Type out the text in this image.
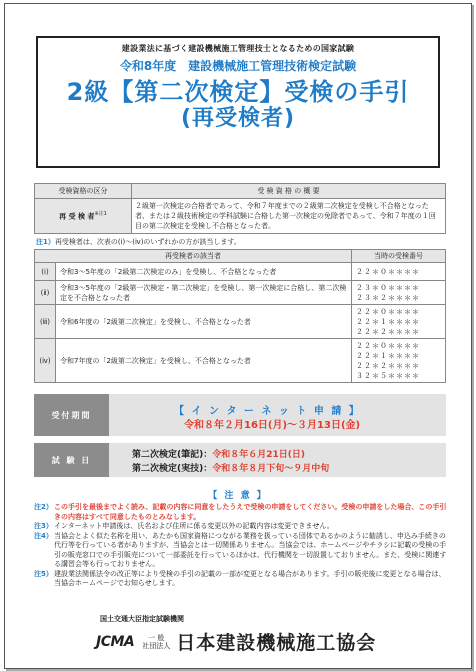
建設業法に基づく建設機械施工管理技士となるための国家試験
令和8年度 建設機械施工管理技術検定試験
2級【第二次検定】受検の手引
(再受検者)
受検資格の区分	受 検 資 格 の 概 要
再 受 検 者$^{※注1}$	２級第一次検定の合格者であって、令和７年度までの２級第二次検定を受検し不合格となった者、または２級技術検定の学科試験に合格した第一次検定の免除者であって、令和７年度の１回目の第二次検定を受検し不合格となった者。
注1）再受検者は、次表の(ⅰ)〜(ⅳ)のいずれかの方が該当します。
再受検者の該当者		当時の受検番号
(ⅰ)	令和3〜5年度の「2級第二次検定のみ」を受検し、不合格となった者	２２＊０＊＊＊＊
(ⅱ)	令和3〜5年度の「2級第一次検定・第二次検定」を受検し、第一次検定に合格し、第二次検定を不合格となった者	２３＊０＊＊＊＊
２３＊２＊＊＊＊
(ⅲ)	令和6年度の「2級第二次検定」を受検し、不合格となった者	２２＊０＊＊＊＊
２２＊１＊＊＊＊
２２＊２＊＊＊＊
(ⅳ)	令和7年度の「2級第二次検定」を受検し、不合格となった者	２２＊０＊＊＊＊
２２＊１＊＊＊＊
２２＊２＊＊＊＊
３２＊５＊＊＊＊
受付期間	【 イ ン タ ー ネ ッ ト 申 請 】
令和８年２月16日(月)〜３月13日(金)
試 験 日	第二次検定(筆記)：令和８年６月21日(日)
第二次検定(実技)：令和８年８月下旬〜９月中旬
【 注 意 】
注2） この手引を最後までよく読み、記載の内容に同意をしたうえで受検の申請をしてください。受検の申請をした場合、この手引きの内容はすべて同意したものとみなします。
注3） インターネット申請後は、氏名および住所に係る変更以外の記載内容は変更できません。
注4） 当協会とよく似た名称を用い、あたかも国家資格につながる業務を扱っている団体であるかのように勧誘し、申込み手続きの代行等を行っている者がありますが、当協会とは一切関係ありません。当協会では、ホームページやチラシに記載の受検の手引の販売窓口での手引販売について一部委託を行っているほかは、代行機関を一切設置しておりません。また、受検に関連する講習会等も行っておりません。
注5） 建設業法関係法令の改正等により受検の手引の記載の一部が変更となる場合があります。手引の販売後に変更となる場合は、当協会ホームページでお知らせします。
国土交通大臣指定試験機関
JCMA	一 般
社団法人 日本建設機械施工協会
